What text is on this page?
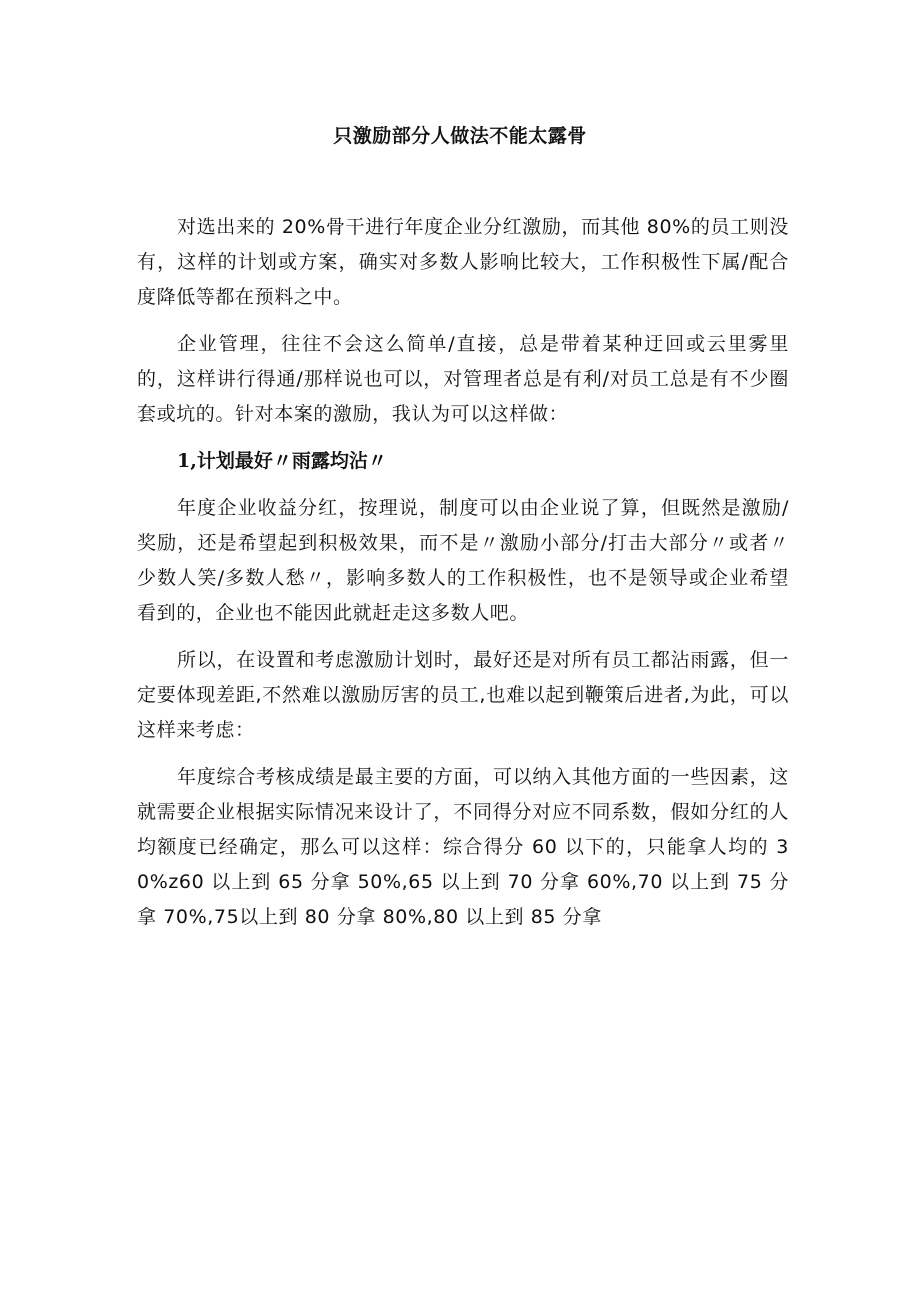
只激励部分人做法不能太露骨

对选出来的 20%骨干进行年度企业分红激励，而其他 80%的员工则没有，这样的计划或方案，确实对多数人影响比较大，工作积极性下属/配合度降低等都在预料之中。

企业管理，往往不会这么简单/直接，总是带着某种迂回或云里雾里的，这样讲行得通/那样说也可以，对管理者总是有利/对员工总是有不少圈套或坑的。针对本案的激励，我认为可以这样做：

1,计划最好〃雨露均沾〃

年度企业收益分红，按理说，制度可以由企业说了算，但既然是激励/奖励，还是希望起到积极效果，而不是〃激励小部分/打击大部分〃或者〃少数人笑/多数人愁〃，影响多数人的工作积极性，也不是领导或企业希望看到的，企业也不能因此就赶走这多数人吧。

所以，在设置和考虑激励计划时，最好还是对所有员工都沾雨露，但一定要体现差距,不然难以激励厉害的员工,也难以起到鞭策后进者,为此，可以这样来考虑：

年度综合考核成绩是最主要的方面，可以纳入其他方面的一些因素，这就需要企业根据实际情况来设计了，不同得分对应不同系数，假如分红的人均额度已经确定，那么可以这样：综合得分 60 以下的，只能拿人均的 30%z60 以上到 65 分拿 50%,65 以上到 70 分拿 60%,70 以上到 75 分拿 70%,75以上到 80 分拿 80%,80 以上到 85 分拿
